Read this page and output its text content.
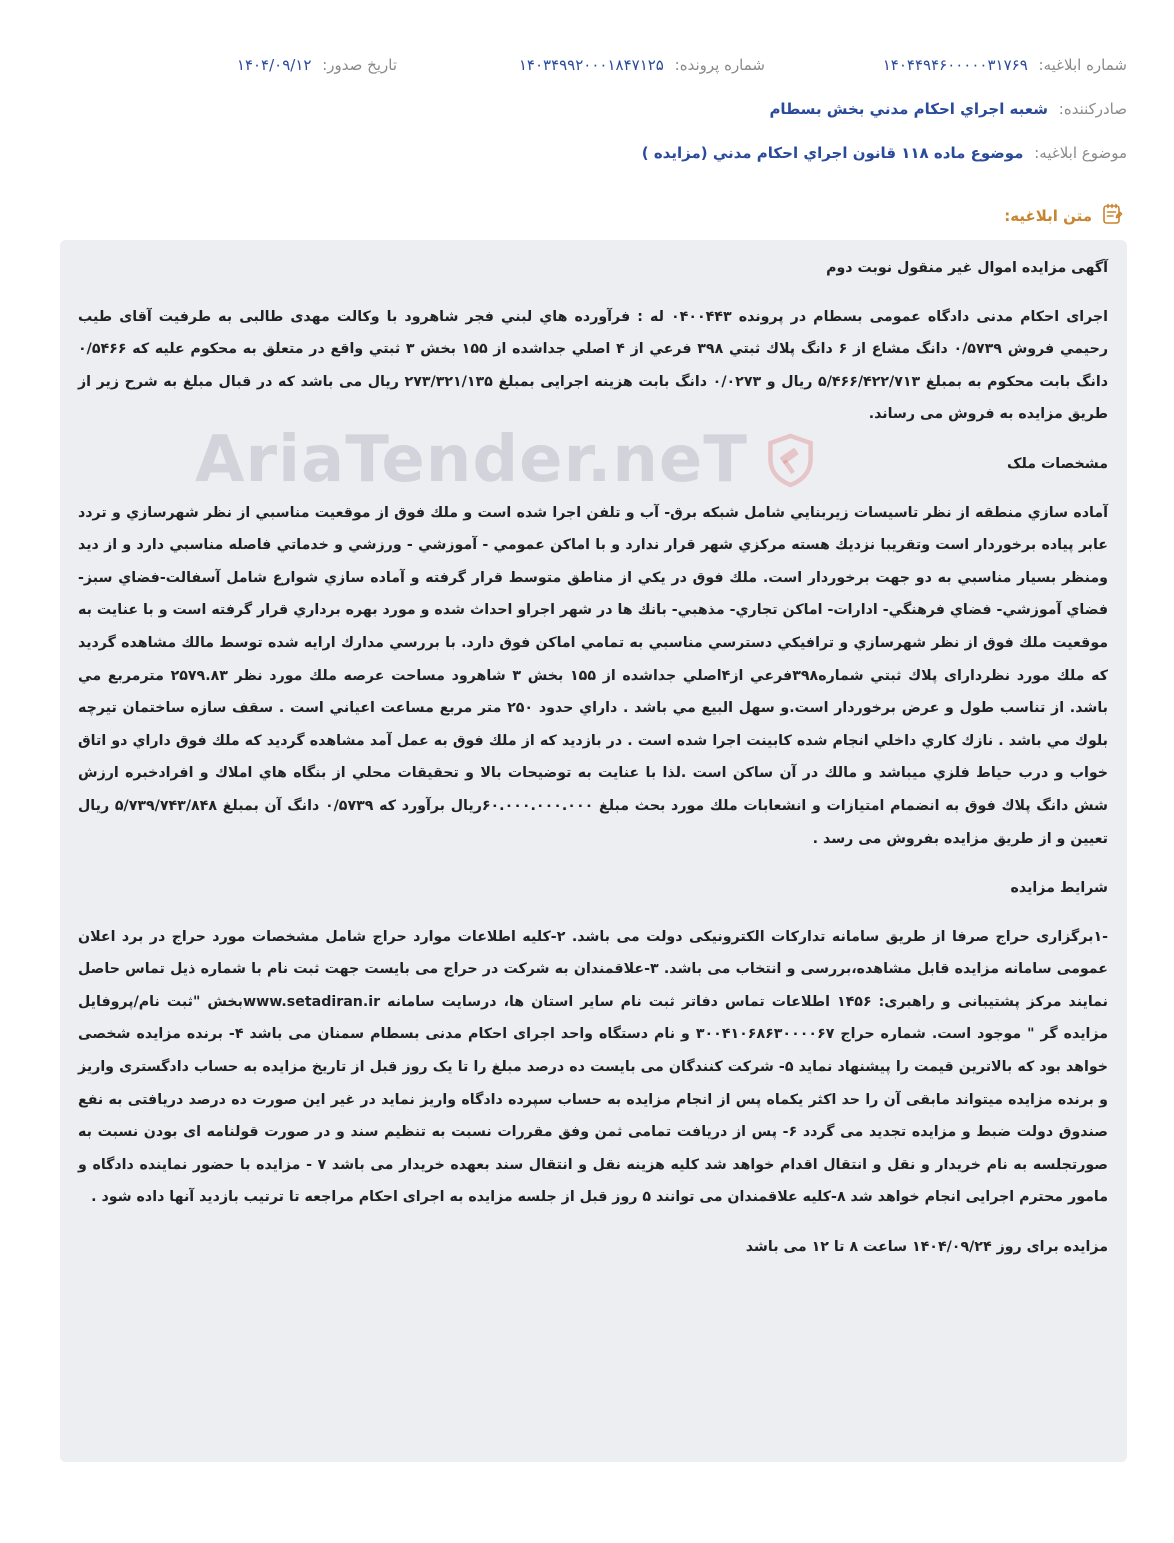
شماره ابلاغيه: ۱۴۰۴۴۹۴۶۰۰۰۰۰۳۱۷۶۹
شماره پرونده: ۱۴۰۳۴۹۹۲۰۰۰۱۸۴۷۱۲۵
تاريخ صدور: ۱۴۰۴/۰۹/۱۲
صادرکننده: شعبه اجراي احکام مدني بخش بسطام
موضوع ابلاغيه: موضوع ماده ۱۱۸ قانون اجراي احکام مدني (مزايده )
متن ابلاغيه:
AriaTender.neT

آگهی مزایده اموال غیر منقول نوبت دوم

اجرای احکام مدنی دادگاه عمومی بسطام در پرونده ۰۴۰۰۴۴۳ له : فرآورده هاي لبني فجر شاهرود با وکالت مهدی طالبی به طرفیت آقای طیب رحیمي فروش ۰/۵۷۳۹ دانگ مشاع از ۶ دانگ پلاك ثبتي ۳۹۸ فرعي از ۴ اصلي جداشده از ۱۵۵ بخش ۳ ثبتي واقع در متعلق به محکوم علیه که ۰/۵۴۶۶ دانگ بابت محکوم به بمبلغ ۵/۴۶۶/۴۲۲/۷۱۳ ریال و ۰/۰۲۷۳ دانگ بابت هزینه اجرایی بمبلغ ۲۷۳/۳۲۱/۱۳۵ ریال می باشد که در قبال مبلغ به شرح زیر از طریق مزایده به فروش می رساند.

مشخصات ملک

آماده سازي منطقه از نظر تاسيسات زيربنايي شامل شبكه برق- آب و تلفن اجرا شده است و ملك فوق از موقعيت مناسبي از نظر شهرسازي و تردد عابر پياده برخوردار است وتقريبا نزديك هسته مركزي شهر قرار ندارد و با اماكن عمومي - آموزشي - ورزشي و خدماتي فاصله مناسبي دارد و از ديد ومنظر بسيار مناسبي به دو جهت برخوردار است. ملك فوق در يكي از مناطق متوسط قرار گرفته و آماده سازي شوارع شامل آسفالت-فضاي سبز- فضاي آموزشي- فضاي فرهنگي- ادارات- اماكن تجاري- مذهبي- بانك ها در شهر اجراو احداث شده و مورد بهره برداري قرار گرفته است و با عنايت به موقعيت ملك فوق از نظر شهرسازي و ترافيكي دسترسي مناسبي به تمامي اماكن فوق دارد. با بررسي مدارك ارايه شده توسط مالك مشاهده گرديد كه ملك مورد نظردارای پلاك ثبتي شماره۳۹۸فرعي از۴اصلي جداشده از ۱۵۵ بخش ۳ شاهرود مساحت عرصه ملك مورد نظر ۲۵۷۹.۸۳ مترمربع مي باشد. از تناسب طول و عرض برخوردار است.و سهل البيع مي باشد . داراي حدود ۲۵۰ متر مربع مساعت اعياني است . سقف سازه ساختمان تيرچه بلوك مي باشد . نازك كاري داخلي انجام شده كابينت اجرا شده است . در بازديد كه از ملك فوق به عمل آمد مشاهده گرديد كه ملك فوق داراي دو اتاق خواب و درب حياط فلزي ميباشد و مالك در آن ساكن است .لذا با عنايت به توضيحات بالا و تحقيقات محلي از بنگاه هاي املاك و افرادخبره ارزش شش دانگ پلاك فوق به انضمام امتيازات و انشعابات ملك مورد بحث مبلغ ۶۰.۰۰۰.۰۰۰.۰۰۰ريال برآورد كه ۰/۵۷۳۹ دانگ آن بمبلغ ۵/۷۳۹/۷۴۳/۸۴۸ ریال تعیین و از طریق مزایده بفروش می رسد .

شرایط مزایده

-۱برگزاری حراج صرفا از طریق سامانه تدارکات الکترونیکی دولت می باشد. ۲-کلیه اطلاعات موارد حراج شامل مشخصات مورد حراج در برد اعلان عمومی سامانه مزایده قابل مشاهده،بررسی و انتخاب می باشد. ۳-علاقمندان به شرکت در حراج می بایست جهت ثبت نام با شماره ذیل تماس حاصل نمایند مرکز پشتیبانی و راهبری: ۱۴۵۶ اطلاعات تماس دفاتر ثبت نام سایر استان ها، درسایت سامانه www.setadiran.irبخش "ثبت نام/پروفایل مزایده گر " موجود است. شماره حراج ۳۰۰۴۱۰۶۸۶۳۰۰۰۰۶۷ و نام دستگاه واحد اجرای احکام مدنی بسطام سمنان می باشد ۴- برنده مزایده شخصی خواهد بود که بالاترین قیمت را پیشنهاد نماید ۵- شرکت کنندگان می بایست ده درصد مبلغ را تا یک روز قبل از تاریخ مزایده به حساب دادگستری واریز و برنده مزایده میتواند مابقی آن را حد اکثر یکماه پس از انجام مزایده به حساب سپرده دادگاه واریز نماید در غیر این صورت ده درصد دریافتی به نفع صندوق دولت ضبط و مزایده تجدید می گردد ۶- پس از دریافت تمامی ثمن وفق مقررات نسبت به تنظیم سند و در صورت قولنامه ای بودن نسبت به صورتجلسه به نام خریدار و نقل و انتقال اقدام خواهد شد کلیه هزینه نقل و انتقال سند بعهده خریدار می باشد ۷ - مزایده با حضور نماینده دادگاه و مامور محترم اجرایی انجام خواهد شد ۸-کلیه علاقمندان می توانند ۵ روز قبل از جلسه مزایده به اجرای احکام مراجعه تا ترتیب بازدید آنها داده شود .

مزایده برای روز ۱۴۰۴/۰۹/۲۴ ساعت ۸ تا ۱۲ می باشد
